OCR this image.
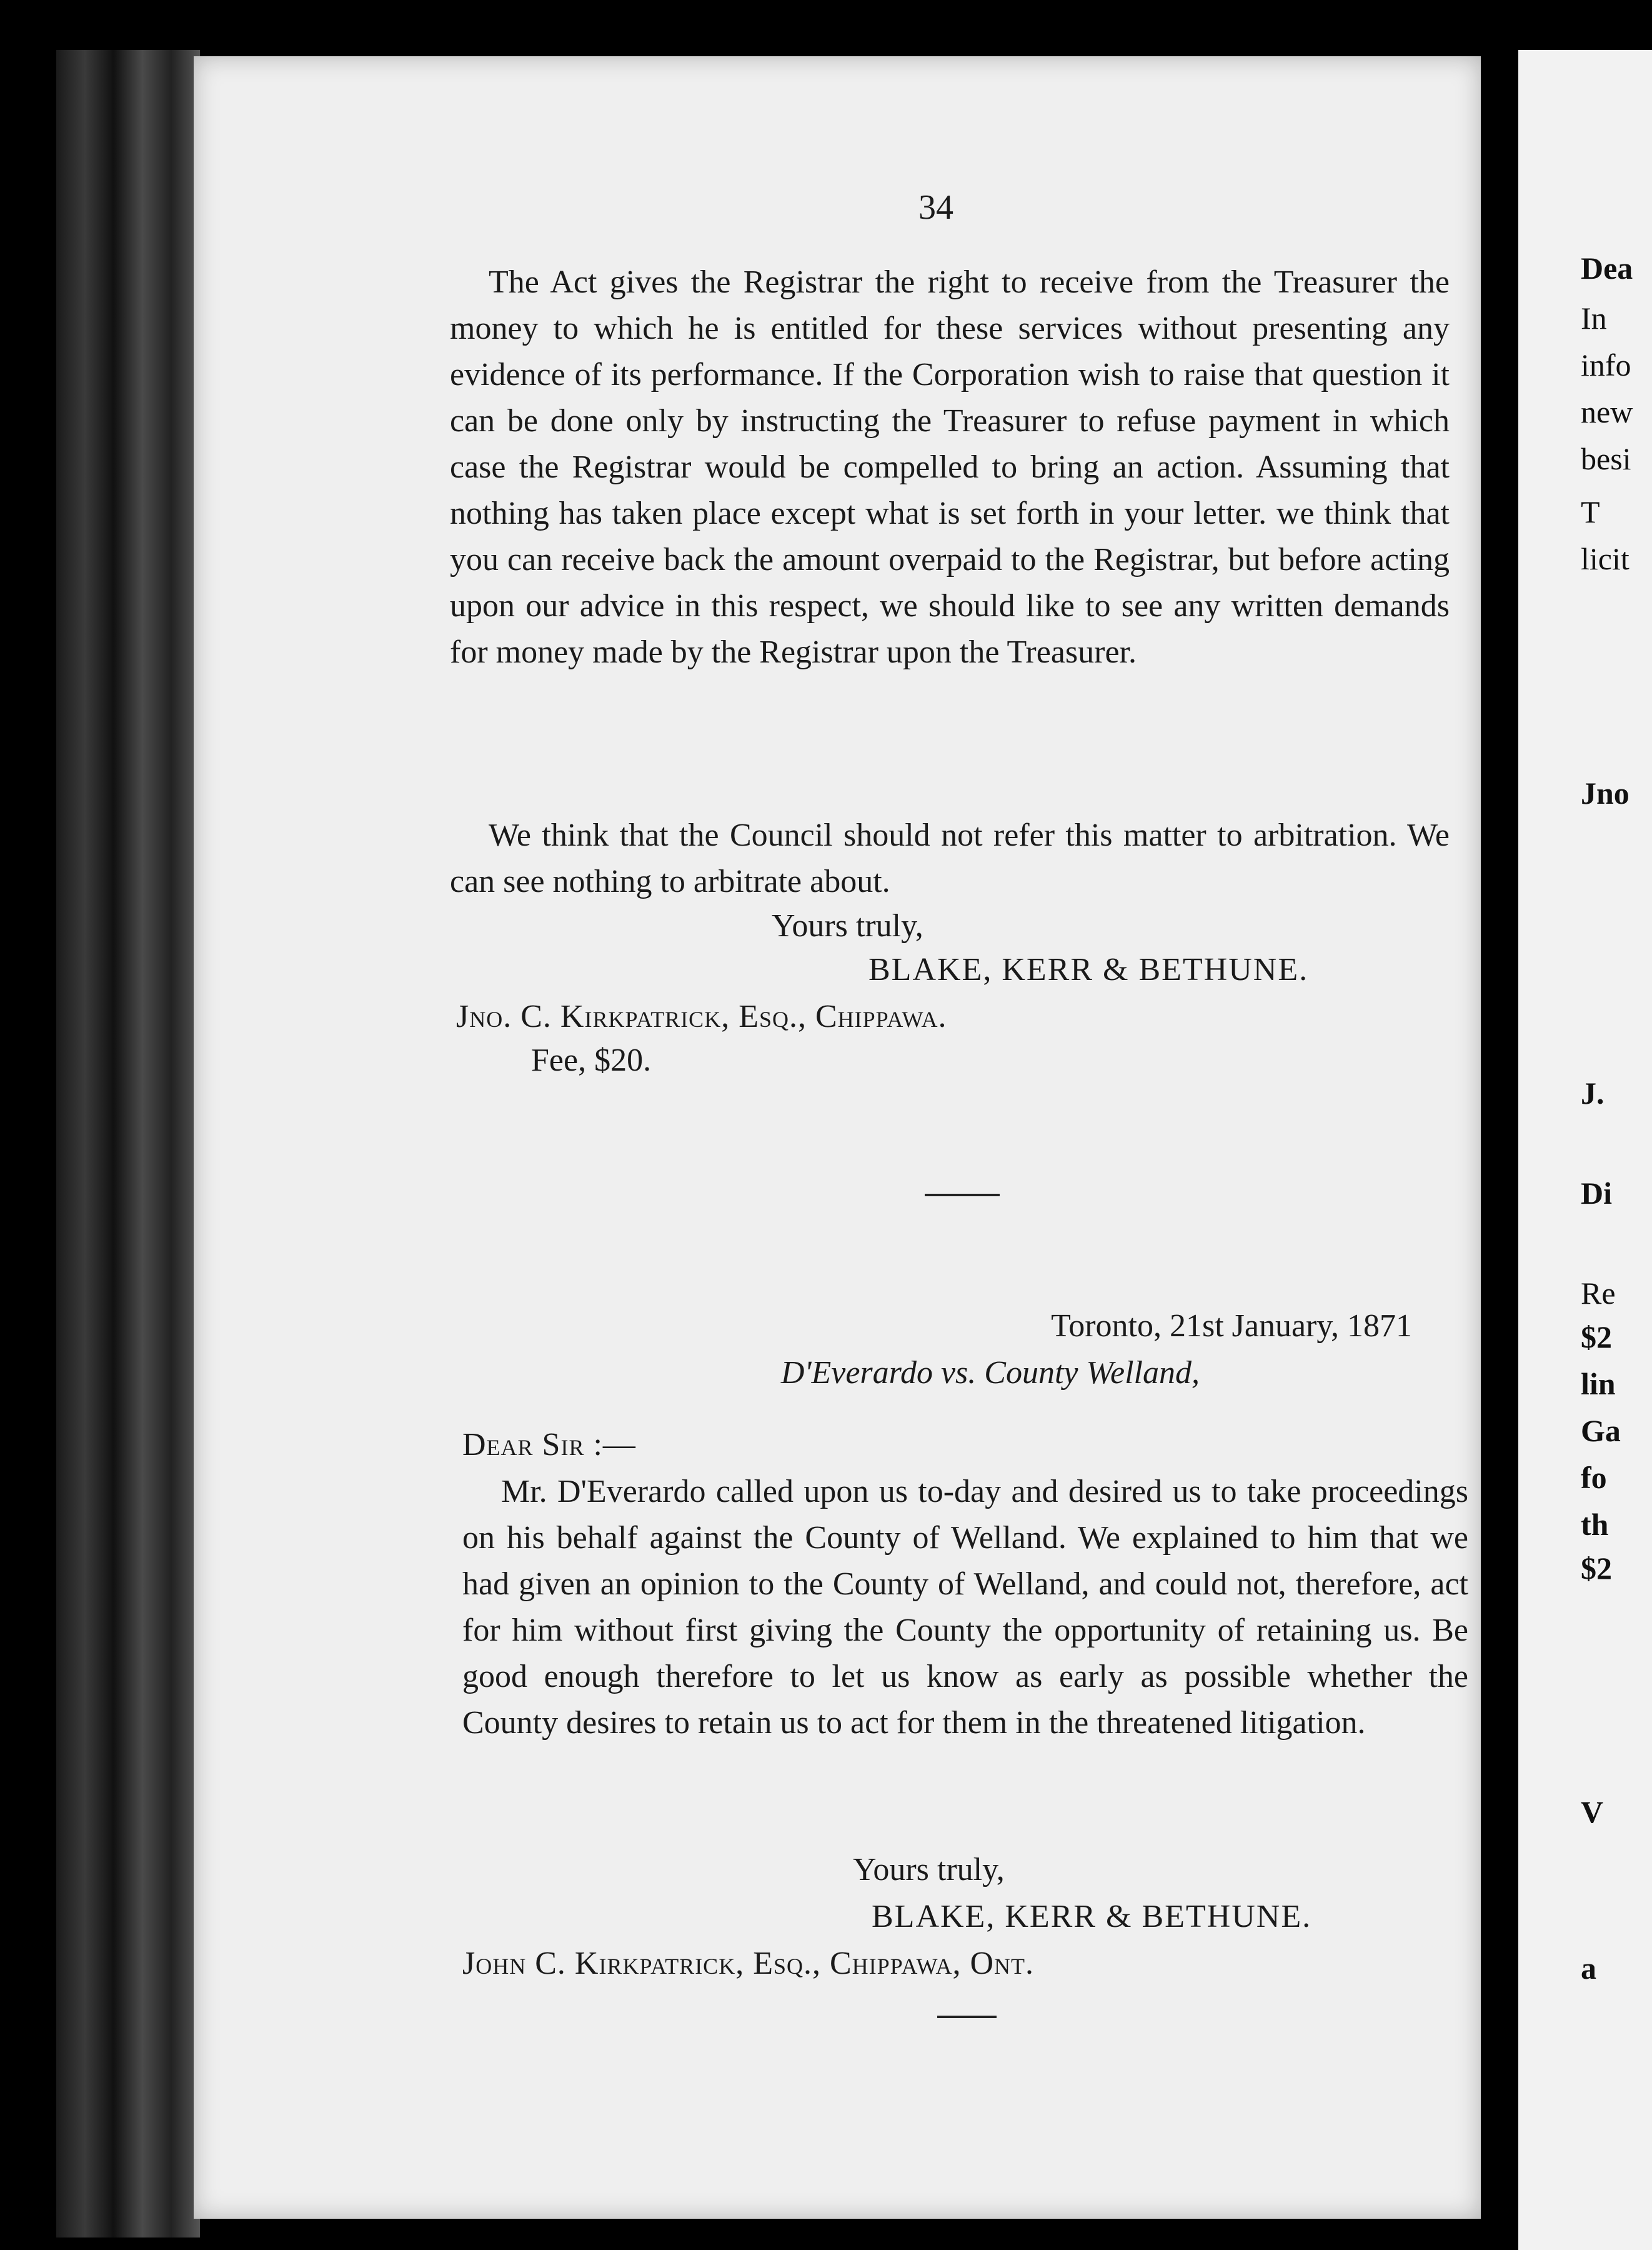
Dea
In
info
new
besi
T
licit
Jno
J.
Di
Re
$2
lin
Ga
fo
th
$2
V
a
34
The Act gives the Registrar the right to receive from the Treasurer the money to which he is entitled for these services without presenting any evidence of its performance. If the Corporation wish to raise that question it can be done only by instructing the Treasurer to refuse payment in which case the Registrar would be compelled to bring an action. Assuming that nothing has taken place except what is set forth in your letter. we think that you can receive back the amount overpaid to the Registrar, but before acting upon our advice in this respect, we should like to see any written demands for money made by the Registrar upon the Treasurer.
We think that the Council should not refer this matter to arbitration. We can see nothing to arbitrate about.
Yours truly,
BLAKE, KERR & BETHUNE.
Jno. C. Kirkpatrick, Esq., Chippawa.
Fee, $20.
Toronto, 21st January, 1871
D'Everardo vs. County Welland,
Dear Sir :—
Mr. D'Everardo called upon us to-day and desired us to take proceedings on his behalf against the County of Welland. We explained to him that we had given an opinion to the County of Welland, and could not, therefore, act for him without first giving the County the opportunity of retaining us. Be good enough therefore to let us know as early as possible whether the County desires to retain us to act for them in the threatened litigation.
Yours truly,
BLAKE, KERR & BETHUNE.
John C. Kirkpatrick, Esq., Chippawa, Ont.
